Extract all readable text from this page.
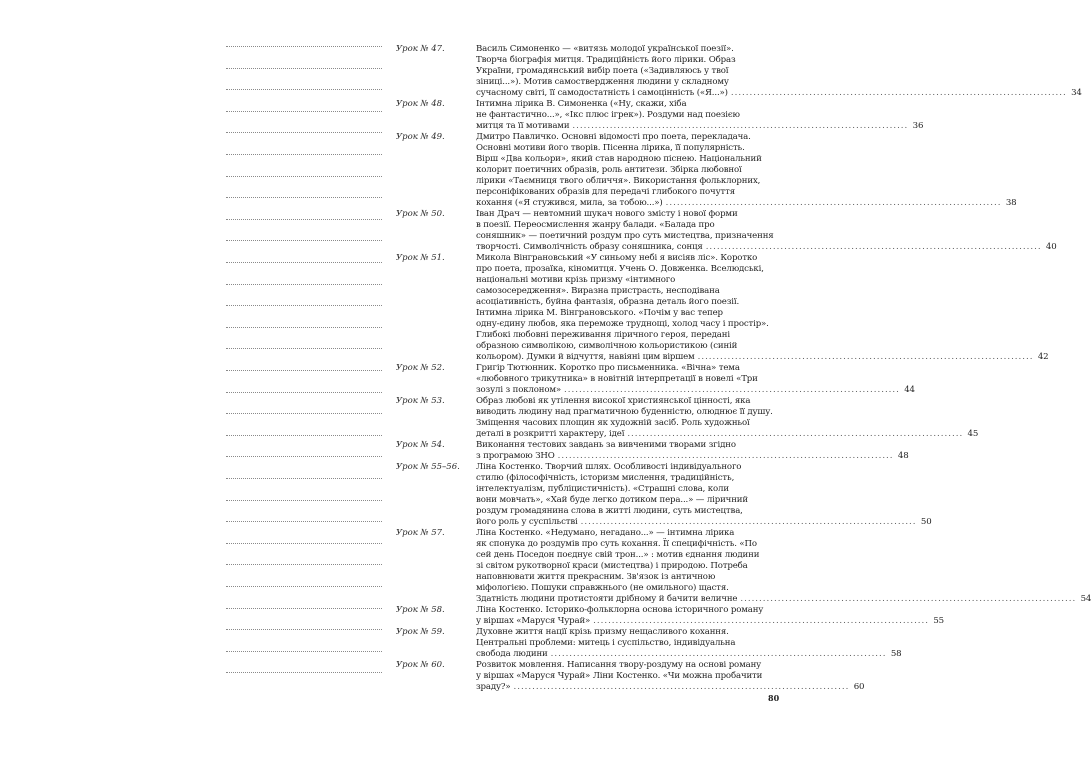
Урок № 47.	Василь Симоненко — «витязь молодої української поезії».
Творча біографія митця. Традиційність його лірики. Образ
України, громадянський вибір поета («Задивляюсь у твої
зіниці...»). Мотив самоствердження людини у складному
сучасному світі, її самодостатність і самоцінність («Я...») .......................................................................................... 34
Урок № 48.	Інтимна лірика В. Симоненка («Ну, скажи, хіба
не фантастично...», «Ікс плюс ігрек»). Роздуми над поезією
митця та її мотивами .......................................................................................... 36
Урок № 49.	Дмитро Павличко. Основні відомості про поета, перекладача.
Основні мотиви його творів. Пісенна лірика, її популярність.
Вірш «Два кольори», який став народною піснею. Національний
колорит поетичних образів, роль антитези. Збірка любовної
лірики «Таємниця твого обличчя». Використання фольклорних,
персоніфікованих образів для передачі глибокого почуття
кохання («Я стужився, мила, за тобою...») .......................................................................................... 38
Урок № 50.	Іван Драч — невтомний шукач нового змісту і нової форми
в поезії. Переосмислення жанру балади. «Балада про
соняшник» — поетичний роздум про суть мистецтва, призначення
творчості. Символічність образу соняшника, сонця .......................................................................................... 40
Урок № 51.	Микола Вінграновський «У синьому небі я висіяв ліс». Коротко
про поета, прозаїка, кіномитця. Учень О. Довженка. Вселюдські,
національні мотиви крізь призму «інтимного
самозосередження». Виразна пристрасть, несподівана
асоціативність, буйна фантазія, образна деталь його поезії.
Інтимна лірика М. Вінграновського. «Почім у вас тепер
одну-єдину любов, яка переможе труднощі, холод часу і простір».
Глибокі любовні переживання ліричного героя, передані
образною символікою, символічною кольористикою (синій
кольором). Думки й відчуття, навіяні цим віршем .......................................................................................... 42
Урок № 52.	Григір Тютюнник. Коротко про письменника. «Вічна» тема
«любовного трикутника» в новітній інтерпретації в новелі «Три
зозулі з поклоном» .......................................................................................... 44
Урок № 53.	Образ любові як утілення високої християнської цінності, яка
виводить людину над прагматичною буденністю, олюднює її душу.
Зміщення часових площин як художній засіб. Роль художньої
деталі в розкритті характеру, ідеї .......................................................................................... 45
Урок № 54.	Виконання тестових завдань за вивченими творами згідно
з програмою ЗНО .......................................................................................... 48
Урок № 55–56. Ліна Костенко. Творчий шлях. Особливості індивідуального
стилю (філософічність, історизм мислення, традиційність,
інтелектуалізм, публіцистичність). «Страшні слова, коли
вони мовчать», «Хай буде легко дотиком пера...» — ліричний
роздум громадянина слова в житті людини, суть мистецтва,
його роль у суспільстві .......................................................................................... 50
Урок № 57.	Ліна Костенко. «Недумано, негадано...» — інтимна лірика
як спонука до роздумів про суть кохання. Її специфічність. «По
сей день Поседон поєднує свій трон...» : мотив єднання людини
зі світом рукотворної краси (мистецтва) і природою. Потреба
наповнювати життя прекрасним. Зв'язок із античною
міфологією. Пошуки справжнього (не омильного) щастя.
Здатність людини протистояти дрібному й бачити величне .......................................................................................... 54
Урок № 58.	Ліна Костенко. Історико-фольклорна основа історичного роману
у віршах «Маруся Чурай» .......................................................................................... 55
Урок № 59.	Духовне життя нації крізь призму нещасливого кохання.
Центральні проблеми: митець і суспільство, індивідуальна
свобода людини .......................................................................................... 58
Урок № 60.	Розвиток мовлення. Написання твору-роздуму на основі роману
у віршах «Маруся Чурай» Ліни Костенко. «Чи можна пробачити
зраду?» .......................................................................................... 60
80
